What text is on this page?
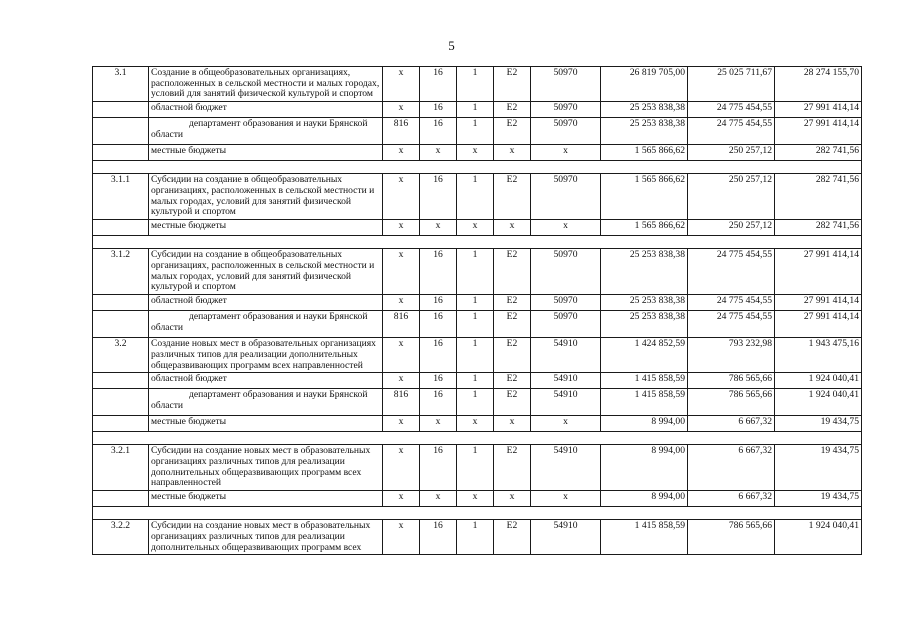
5
3.1	Создание в общеобразовательных организациях, расположенных в сельской местности и малых городах, условий для занятий физической культурой и спортом	х	16	1	E2	50970	26 819 705,00	25 025 711,67	28 274 155,70
	областной бюджет	х	16	1	E2	50970	25 253 838,38	24 775 454,55	27 991 414,14
	департамент образования и науки Брянской области	816	16	1	E2	50970	25 253 838,38	24 775 454,55	27 991 414,14
	местные бюджеты	х	х	х	х	х	1 565 866,62	250 257,12	282 741,56

3.1.1	Субсидии на создание в общеобразовательных организациях, расположенных в сельской местности и малых городах, условий для занятий физической культурой и спортом	х	16	1	E2	50970	1 565 866,62	250 257,12	282 741,56
	местные бюджеты	х	х	х	х	х	1 565 866,62	250 257,12	282 741,56

3.1.2	Субсидии на создание в общеобразовательных организациях, расположенных в сельской местности и малых городах, условий для занятий физической культурой и спортом	х	16	1	E2	50970	25 253 838,38	24 775 454,55	27 991 414,14
	областной бюджет	х	16	1	E2	50970	25 253 838,38	24 775 454,55	27 991 414,14
	департамент образования и науки Брянской области	816	16	1	E2	50970	25 253 838,38	24 775 454,55	27 991 414,14
3.2	Создание новых мест в образовательных организациях различных типов для реализации дополнительных общеразвивающих программ всех направленностей	х	16	1	E2	54910	1 424 852,59	793 232,98	1 943 475,16
	областной бюджет	х	16	1	E2	54910	1 415 858,59	786 565,66	1 924 040,41
	департамент образования и науки Брянской области	816	16	1	E2	54910	1 415 858,59	786 565,66	1 924 040,41
	местные бюджеты	х	х	х	х	х	8 994,00	6 667,32	19 434,75

3.2.1	Субсидии на создание новых мест в образовательных организациях различных типов для реализации дополнительных общеразвивающих программ всех направленностей	х	16	1	E2	54910	8 994,00	6 667,32	19 434,75
	местные бюджеты	х	х	х	х	х	8 994,00	6 667,32	19 434,75

3.2.2	Субсидии на создание новых мест в образовательных организациях различных типов для реализации дополнительных общеразвивающих программ всех	х	16	1	E2	54910	1 415 858,59	786 565,66	1 924 040,41
